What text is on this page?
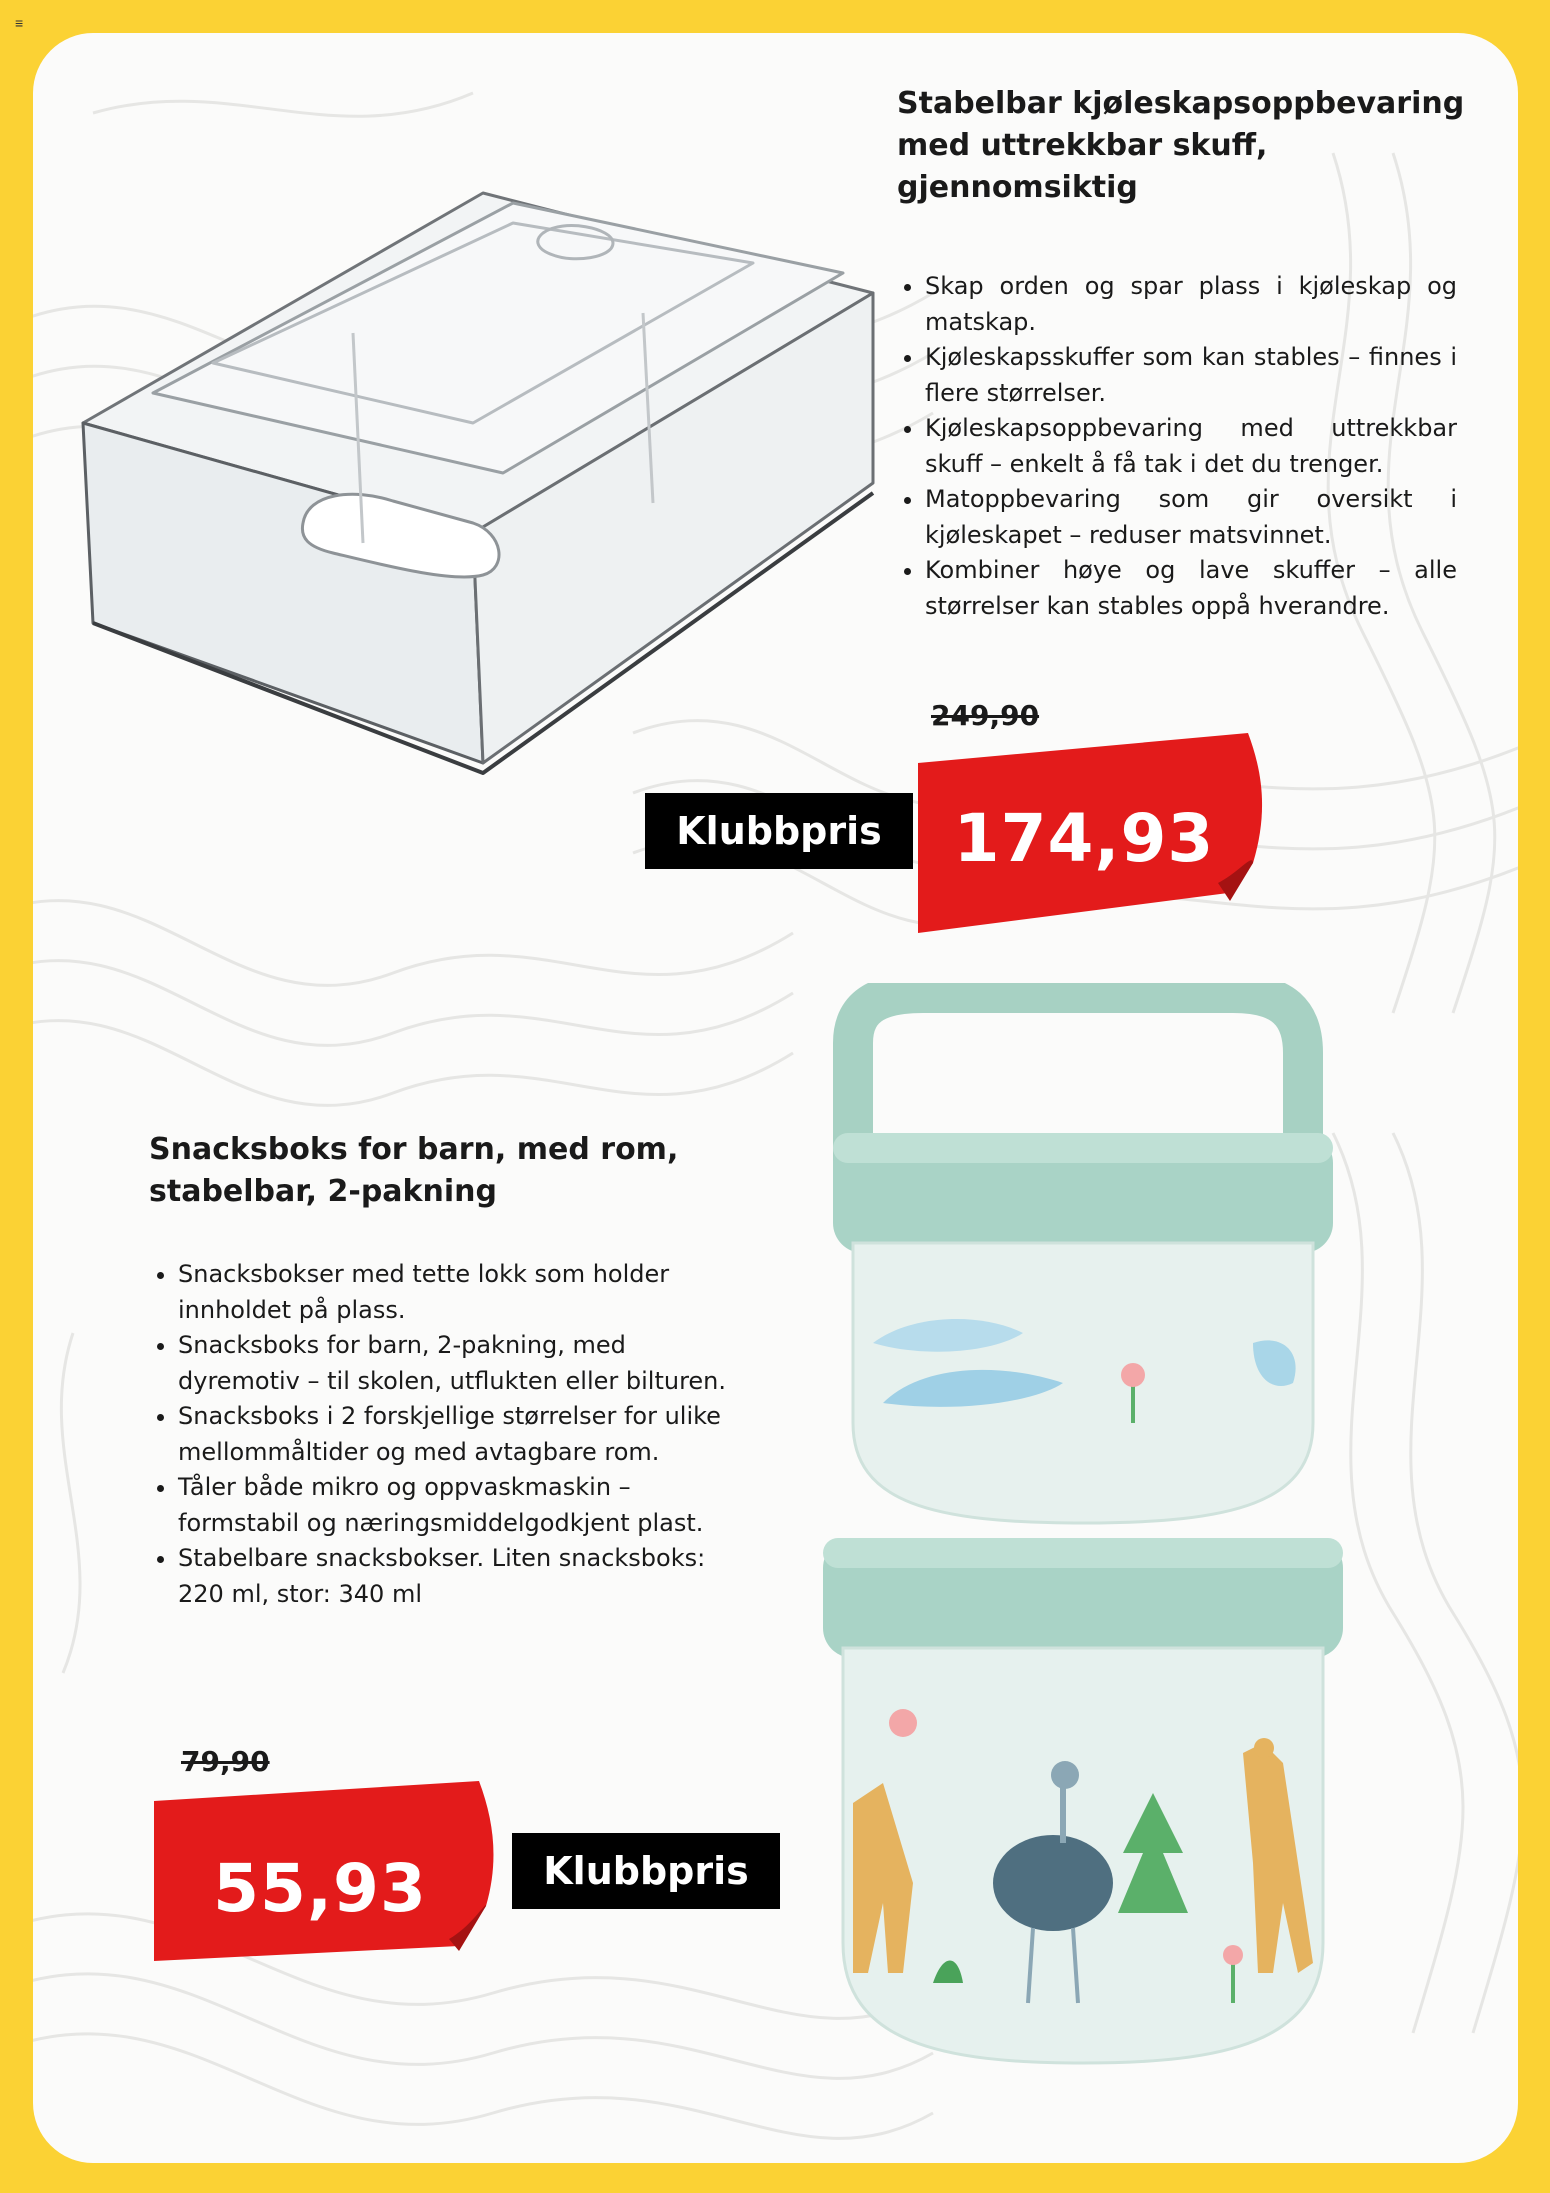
≡
Stabelbar kjøleskapsoppbevaring med uttrekkbar skuff, gjennomsiktig
• Skap orden og spar plass i kjøleskap og matskap.
• Kjøleskapsskuffer som kan stables – finnes i flere størrelser.
• Kjøleskapsoppbevaring med uttrekkbar skuff – enkelt å få tak i det du trenger.
• Matoppbevaring som gir oversikt i kjøleskapet – reduser matsvinnet.
• Kombiner høye og lave skuffer – alle størrelser kan stables oppå hverandre.
249,90
Klubbpris	174,93
Snacksboks for barn, med rom, stabelbar, 2-pakning
• Snacksbokser med tette lokk som holder innholdet på plass.
• Snacksboks for barn, 2-pakning, med dyremotiv – til skolen, utflukten eller bilturen.
• Snacksboks i 2 forskjellige størrelser for ulike mellommåltider og med avtagbare rom.
• Tåler både mikro og oppvaskmaskin – formstabil og næringsmiddelgodkjent plast.
• Stabelbare snacksbokser. Liten snacksboks: 220 ml, stor: 340 ml
79,90
55,93	Klubbpris
